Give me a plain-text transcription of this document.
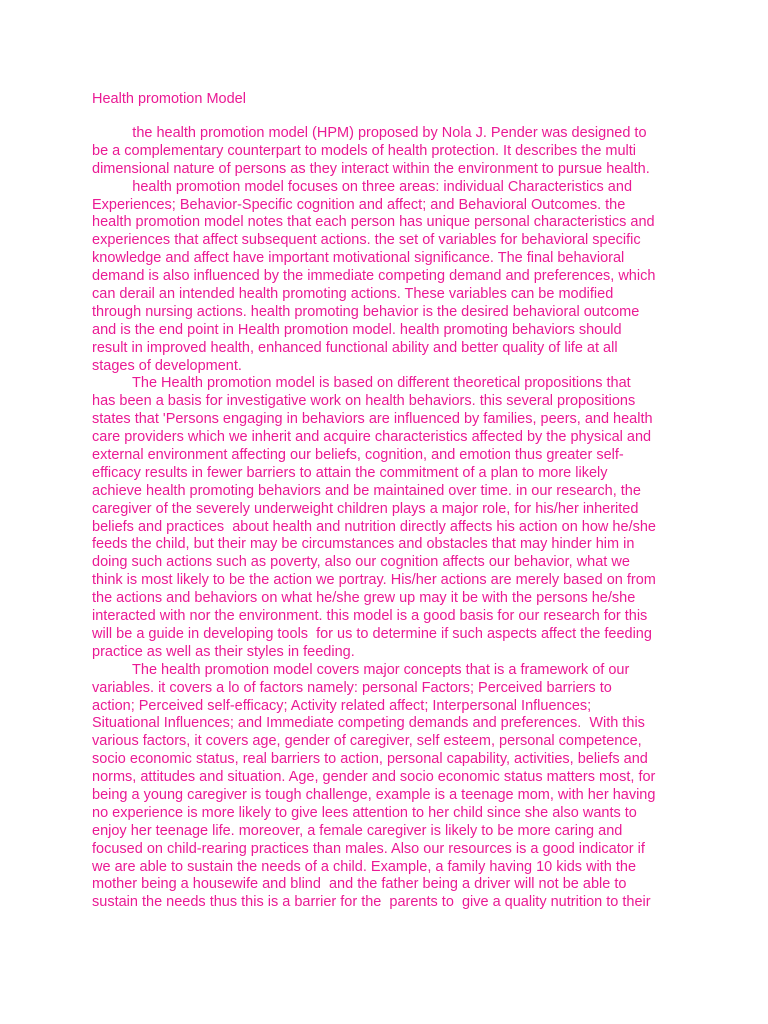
Health promotion Model
the health promotion model (HPM) proposed by Nola J. Pender was designed to
be a complementary counterpart to models of health protection. It describes the multi
dimensional nature of persons as they interact within the environment to pursue health.
health promotion model focuses on three areas: individual Characteristics and
Experiences; Behavior-Specific cognition and affect; and Behavioral Outcomes. the
health promotion model notes that each person has unique personal characteristics and
experiences that affect subsequent actions. the set of variables for behavioral specific
knowledge and affect have important motivational significance. The final behavioral
demand is also influenced by the immediate competing demand and preferences, which
can derail an intended health promoting actions. These variables can be modified
through nursing actions. health promoting behavior is the desired behavioral outcome
and is the end point in Health promotion model. health promoting behaviors should
result in improved health, enhanced functional ability and better quality of life at all
stages of development.
The Health promotion model is based on different theoretical propositions that
has been a basis for investigative work on health behaviors. this several propositions
states that 'Persons engaging in behaviors are influenced by families, peers, and health
care providers which we inherit and acquire characteristics affected by the physical and
external environment affecting our beliefs, cognition, and emotion thus greater self-
efficacy results in fewer barriers to attain the commitment of a plan to more likely
achieve health promoting behaviors and be maintained over time. in our research, the
caregiver of the severely underweight children plays a major role, for his/her inherited
beliefs and practices  about health and nutrition directly affects his action on how he/she
feeds the child, but their may be circumstances and obstacles that may hinder him in
doing such actions such as poverty, also our cognition affects our behavior, what we
think is most likely to be the action we portray. His/her actions are merely based on from
the actions and behaviors on what he/she grew up may it be with the persons he/she
interacted with nor the environment. this model is a good basis for our research for this
will be a guide in developing tools  for us to determine if such aspects affect the feeding
practice as well as their styles in feeding.
The health promotion model covers major concepts that is a framework of our
variables. it covers a lo of factors namely: personal Factors; Perceived barriers to
action; Perceived self-efficacy; Activity related affect; Interpersonal Influences;
Situational Influences; and Immediate competing demands and preferences.  With this
various factors, it covers age, gender of caregiver, self esteem, personal competence,
socio economic status, real barriers to action, personal capability, activities, beliefs and
norms, attitudes and situation. Age, gender and socio economic status matters most, for
being a young caregiver is tough challenge, example is a teenage mom, with her having
no experience is more likely to give lees attention to her child since she also wants to
enjoy her teenage life. moreover, a female caregiver is likely to be more caring and
focused on child-rearing practices than males. Also our resources is a good indicator if
we are able to sustain the needs of a child. Example, a family having 10 kids with the
mother being a housewife and blind  and the father being a driver will not be able to
sustain the needs thus this is a barrier for the  parents to  give a quality nutrition to their
